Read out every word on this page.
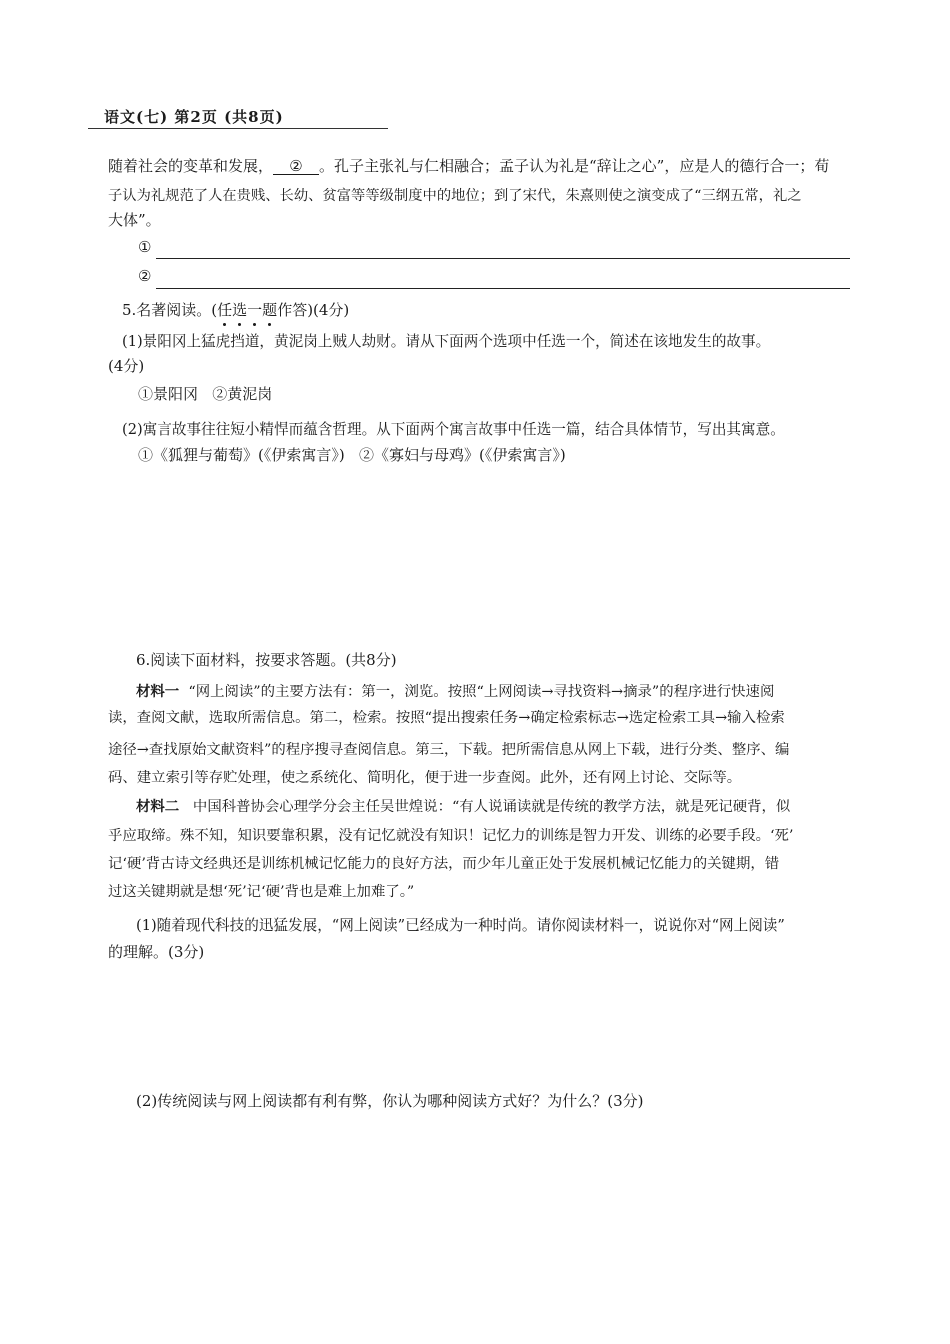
语文(七) 第2页 (共8页)
随着社会的变革和发展， ② 。孔子主张礼与仁相融合；孟子认为礼是“辞让之心”，应是人的德行合一；荀
子认为礼规范了人在贵贱、长幼、贫富等等级制度中的地位；到了宋代，朱熹则使之演变成了“三纲五常，礼之
大体”。
①
②
5.名著阅读。(任选一题
作答)(4分)
(1)景阳冈上猛虎挡道，黄泥岗上贼人劫财。请从下面两个选项中任选一个，简述在该地发生的故事。
(4分)
①景阳冈   ②黄泥岗
(2)寓言故事往往短小精悍而蕴含哲理。从下面两个寓言故事中任选一篇，结合具体情节，写出其寓意。
①《狐狸与葡萄》(《伊索寓言》)   ②《寡妇与母鸡》(《伊索寓言》)
6.阅读下面材料，按要求答题。(共8分)
材料一 “网上阅读”的主要方法有：第一，浏览。按照“上网阅读→寻找资料→摘录”的程序进行快速阅
读，查阅文献，选取所需信息。第二，检索。按照“提出搜索任务→确定检索标志→选定检索工具→输入检索
途径→查找原始文献资料”的程序搜寻查阅信息。第三，下载。把所需信息从网上下载，进行分类、整序、编
码、建立索引等存贮处理，使之系统化、简明化，便于进一步查阅。此外，还有网上讨论、交际等。
材料二 中国科普协会心理学分会主任吴世煌说：“有人说诵读就是传统的教学方法，就是死记硬背，似
乎应取缔。殊不知，知识要靠积累，没有记忆就没有知识！记忆力的训练是智力开发、训练的必要手段。‘死’
记‘硬’背古诗文经典还是训练机械记忆能力的良好方法，而少年儿童正处于发展机械记忆能力的关键期，错
过这关键期就是想‘死’记‘硬’背也是难上加难了。”
(1)随着现代科技的迅猛发展，“网上阅读”已经成为一种时尚。请你阅读材料一，说说你对“网上阅读”
的理解。(3分)
(2)传统阅读与网上阅读都有利有弊，你认为哪种阅读方式好？为什么？(3分)
